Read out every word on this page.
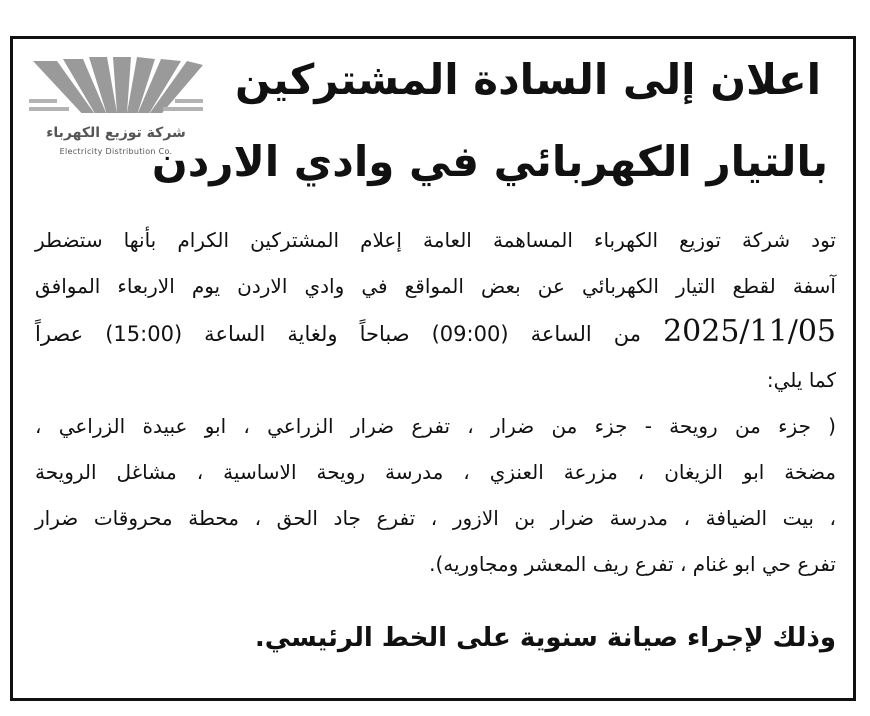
شركة توزيع الكهرباء
Electricity Distribution Co.
اعلان إلى السادة المشتركين
بالتيار الكهربائي في وادي الاردن
تود شركة توزيع الكهرباء المساهمة العامة إعلام المشتركين الكرام بأنها ستضطر
آسفة لقطع التيار الكهربائي عن بعض المواقع في وادي الاردن يوم الاربعاء الموافق
2025/11/05 من الساعة (09:00) صباحاً ولغاية الساعة (15:00) عصراً
كما يلي:
( جزء من رويحة - جزء من ضرار ، تفرع ضرار الزراعي ، ابو عبيدة الزراعي ،
مضخة ابو الزيغان ، مزرعة العنزي ، مدرسة رويحة الاساسية ، مشاغل الرويحة
، بيت الضيافة ، مدرسة ضرار بن الازور ، تفرع جاد الحق ، محطة محروقات ضرار
تفرع حي ابو غنام ، تفرع ريف المعشر ومجاوريه).
وذلك لإجراء صيانة سنوية على الخط الرئيسي.
